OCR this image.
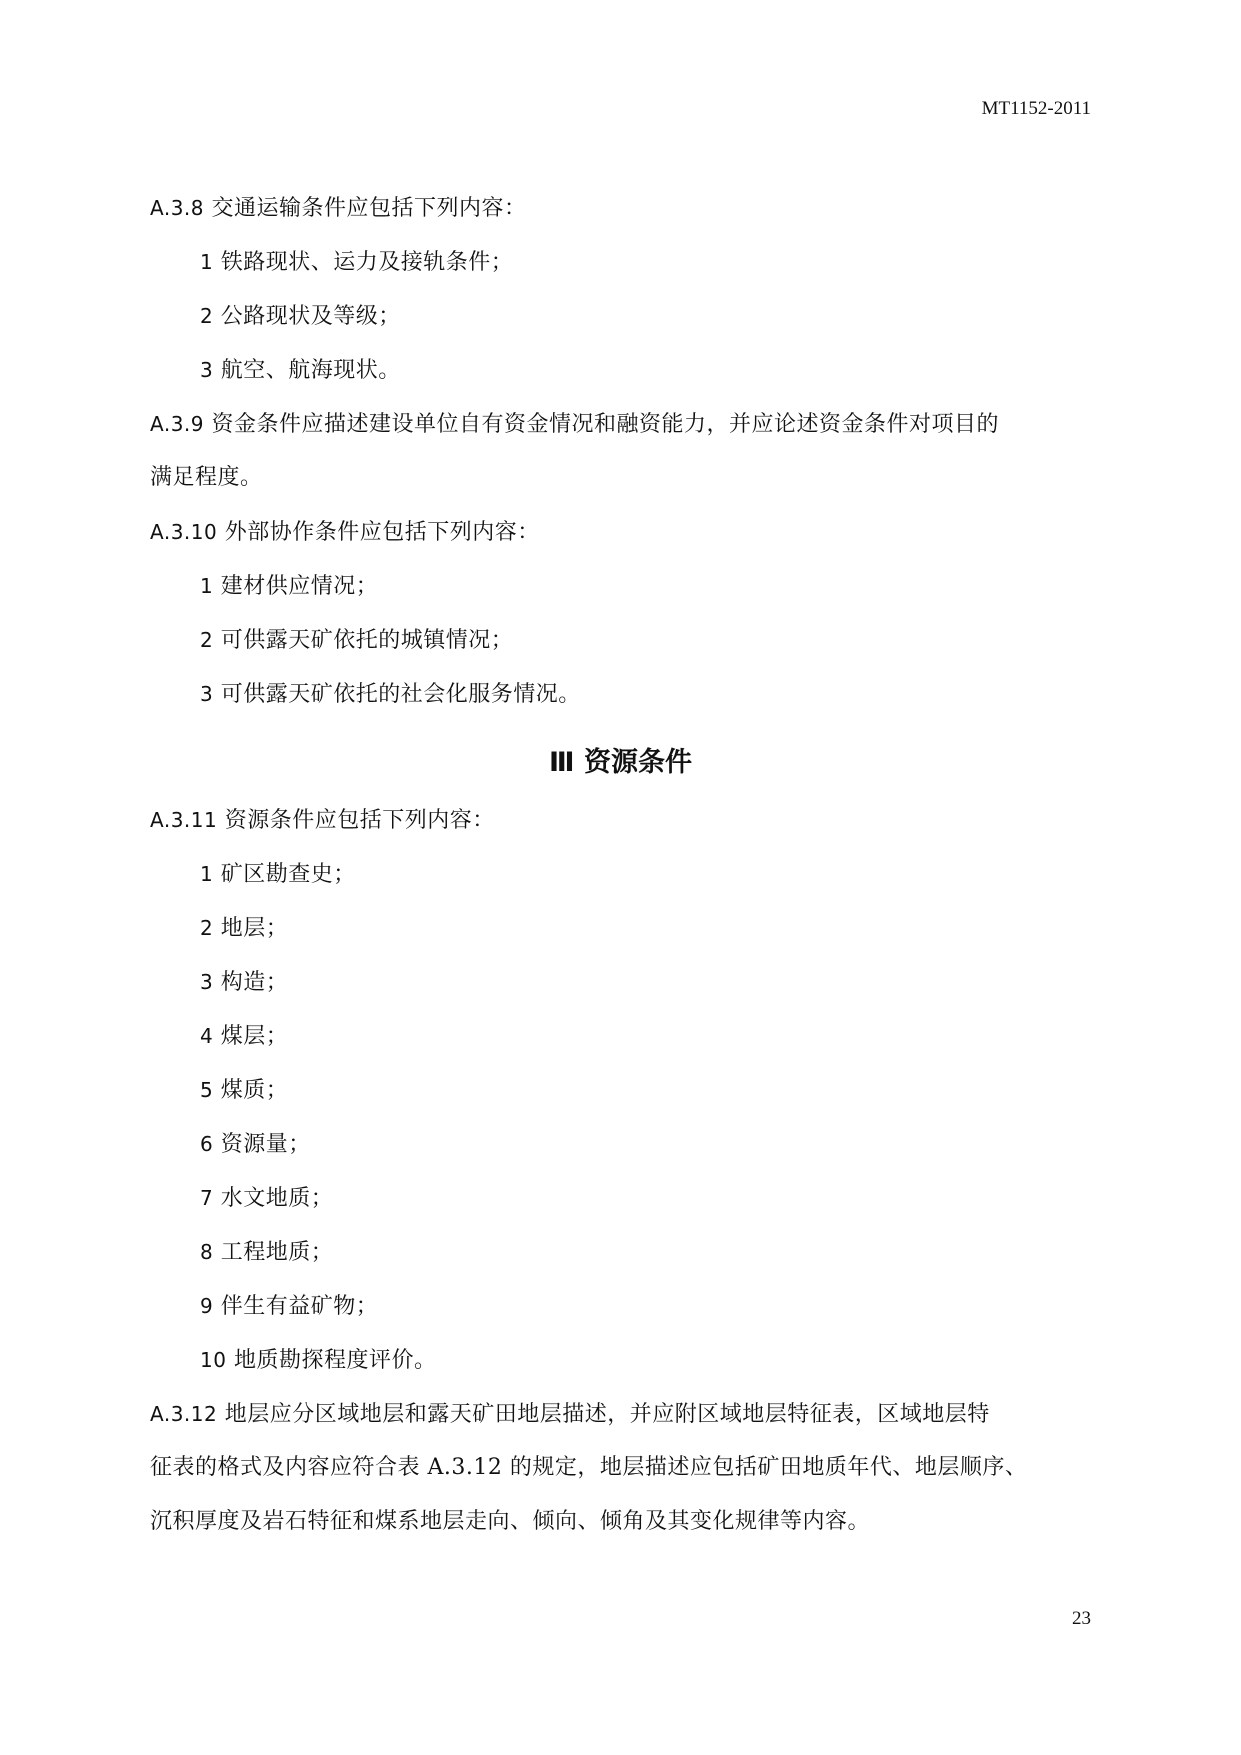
MT1152-2011
A.3.8 交通运输条件应包括下列内容：
1 铁路现状、运力及接轨条件；
2 公路现状及等级；
3 航空、航海现状。
A.3.9 资金条件应描述建设单位自有资金情况和融资能力，并应论述资金条件对项目的
满足程度。
A.3.10 外部协作条件应包括下列内容：
1 建材供应情况；
2 可供露天矿依托的城镇情况；
3 可供露天矿依托的社会化服务情况。
Ⅲ 资源条件
A.3.11 资源条件应包括下列内容：
1 矿区勘查史；
2 地层；
3 构造；
4 煤层；
5 煤质；
6 资源量；
7 水文地质；
8 工程地质；
9 伴生有益矿物；
10 地质勘探程度评价。
A.3.12 地层应分区域地层和露天矿田地层描述，并应附区域地层特征表，区域地层特
征表的格式及内容应符合表 A.3.12 的规定，地层描述应包括矿田地质年代、地层顺序、
沉积厚度及岩石特征和煤系地层走向、倾向、倾角及其变化规律等内容。
23
